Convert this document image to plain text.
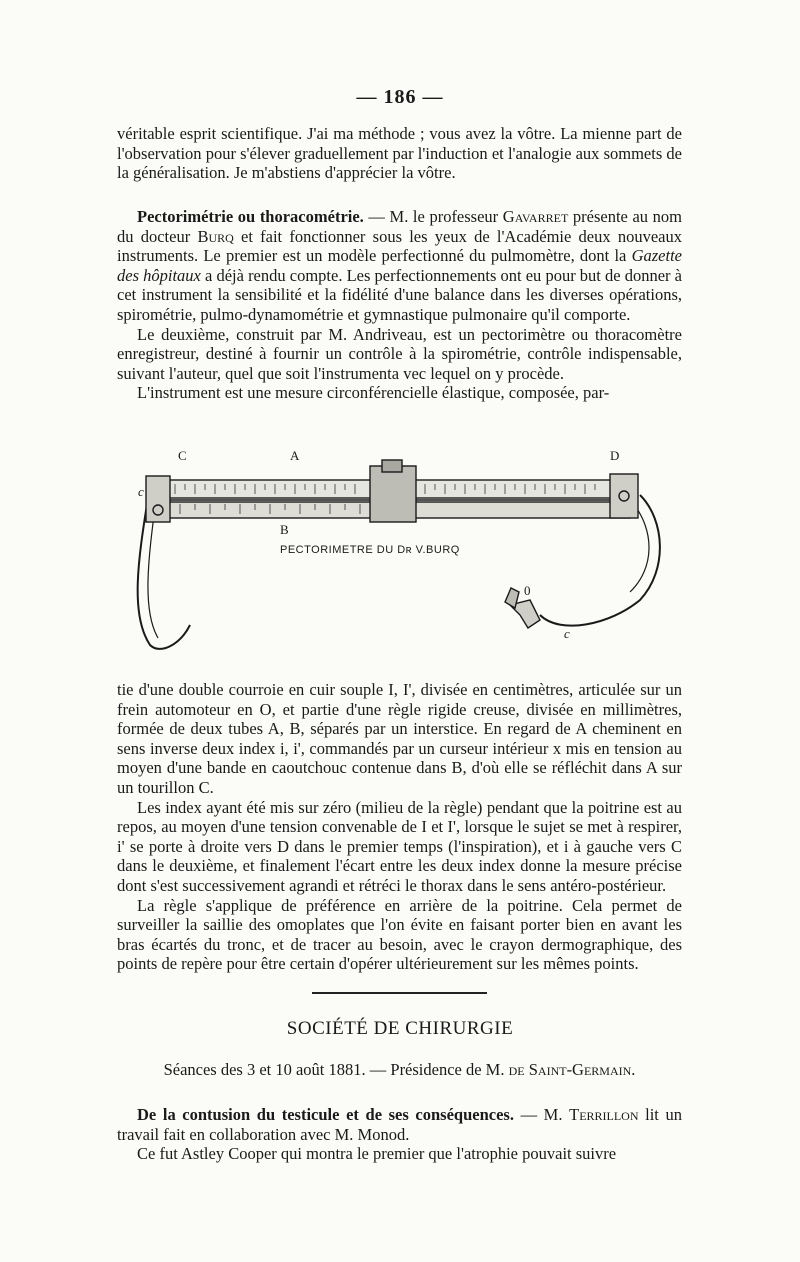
— 186 —

véritable esprit scientifique. J'ai ma méthode ; vous avez la vôtre. La mienne part de l'observation pour s'élever graduellement par l'induction et l'analogie aux sommets de la généralisation. Je m'abstiens d'apprécier la vôtre.

Pectorimétrie ou thoracométrie. — M. le professeur Gavarret présente au nom du docteur Burq et fait fonctionner sous les yeux de l'Académie deux nouveaux instruments. Le premier est un modèle perfectionné du pulmomètre, dont la Gazette des hôpitaux a déjà rendu compte. Les perfectionnements ont eu pour but de donner à cet instrument la sensibilité et la fidélité d'une balance dans les diverses opérations, spirométrie, pulmo-dynamométrie et gymnastique pulmonaire qu'il comporte.

Le deuxième, construit par M. Andriveau, est un pectorimètre ou thoracomètre enregistreur, destiné à fournir un contrôle à la spirométrie, contrôle indispensable, suivant l'auteur, quel que soit l'instrumenta vec lequel on y procède.

L'instrument est une mesure circonférencielle élastique, composée, par-

PECTORIMETRE DU Dʀ V.BURQ
C	A	D
c
B
0
c

tie d'une double courroie en cuir souple I, I', divisée en centimètres, articulée sur un frein automoteur en O, et partie d'une règle rigide creuse, divisée en millimètres, formée de deux tubes A, B, séparés par un interstice. En regard de A cheminent en sens inverse deux index i, i', commandés par un curseur intérieur x mis en tension au moyen d'une bande en caoutchouc contenue dans B, d'où elle se réfléchit dans A sur un tourillon C.

Les index ayant été mis sur zéro (milieu de la règle) pendant que la poitrine est au repos, au moyen d'une tension convenable de I et I', lorsque le sujet se met à respirer, i' se porte à droite vers D dans le premier temps (l'inspiration), et i à gauche vers C dans le deuxième, et finalement l'écart entre les deux index donne la mesure précise dont s'est successivement agrandi et rétréci le thorax dans le sens antéro-postérieur.

La règle s'applique de préférence en arrière de la poitrine. Cela permet de surveiller la saillie des omoplates que l'on évite en faisant porter bien en avant les bras écartés du tronc, et de tracer au besoin, avec le crayon dermographique, des points de repère pour être certain d'opérer ultérieurement sur les mêmes points.

SOCIÉTÉ DE CHIRURGIE
Séances des 3 et 10 août 1881. — Présidence de M. de Saint-Germain.

De la contusion du testicule et de ses conséquences. — M. Terrillon lit un travail fait en collaboration avec M. Monod.

Ce fut Astley Cooper qui montra le premier que l'atrophie pouvait suivre
